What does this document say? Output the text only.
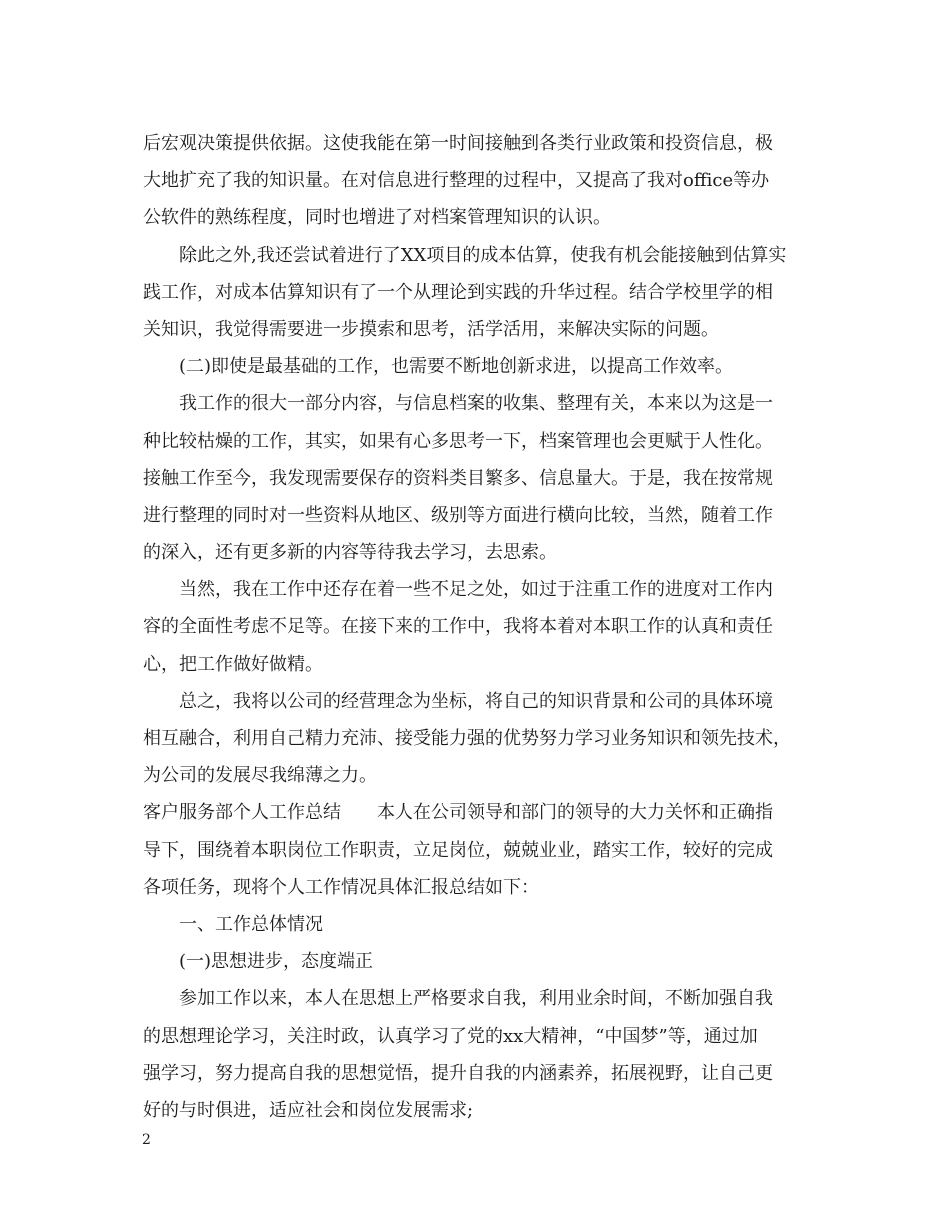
后宏观决策提供依据。这使我能在第一时间接触到各类行业政策和投资信息，极
大地扩充了我的知识量。在对信息进行整理的过程中，又提高了我对office等办
公软件的熟练程度，同时也增进了对档案管理知识的认识。
除此之外,我还尝试着进行了XX项目的成本估算，使我有机会能接触到估算实
践工作，对成本估算知识有了一个从理论到实践的升华过程。结合学校里学的相
关知识，我觉得需要进一步摸索和思考，活学活用，来解决实际的问题。
(二)即使是最基础的工作，也需要不断地创新求进，以提高工作效率。
我工作的很大一部分内容，与信息档案的收集、整理有关，本来以为这是一
种比较枯燥的工作，其实，如果有心多思考一下，档案管理也会更赋于人性化。
接触工作至今，我发现需要保存的资料类目繁多、信息量大。于是，我在按常规
进行整理的同时对一些资料从地区、级别等方面进行横向比较，当然，随着工作
的深入，还有更多新的内容等待我去学习，去思索。
当然，我在工作中还存在着一些不足之处，如过于注重工作的进度对工作内
容的全面性考虑不足等。在接下来的工作中，我将本着对本职工作的认真和责任
心，把工作做好做精。
总之，我将以公司的经营理念为坐标，将自己的知识背景和公司的具体环境
相互融合，利用自己精力充沛、接受能力强的优势努力学习业务知识和领先技术，
为公司的发展尽我绵薄之力。
客户服务部个人工作总结　　本人在公司领导和部门的领导的大力关怀和正确指
导下，围绕着本职岗位工作职责，立足岗位，兢兢业业，踏实工作，较好的完成
各项任务，现将个人工作情况具体汇报总结如下：
一、工作总体情况
(一)思想进步，态度端正
参加工作以来，本人在思想上严格要求自我，利用业余时间，不断加强自我
的思想理论学习，关注时政，认真学习了党的xx大精神，“中国梦”等，通过加
强学习，努力提高自我的思想觉悟，提升自我的内涵素养，拓展视野，让自己更
好的与时俱进，适应社会和岗位发展需求;
2
